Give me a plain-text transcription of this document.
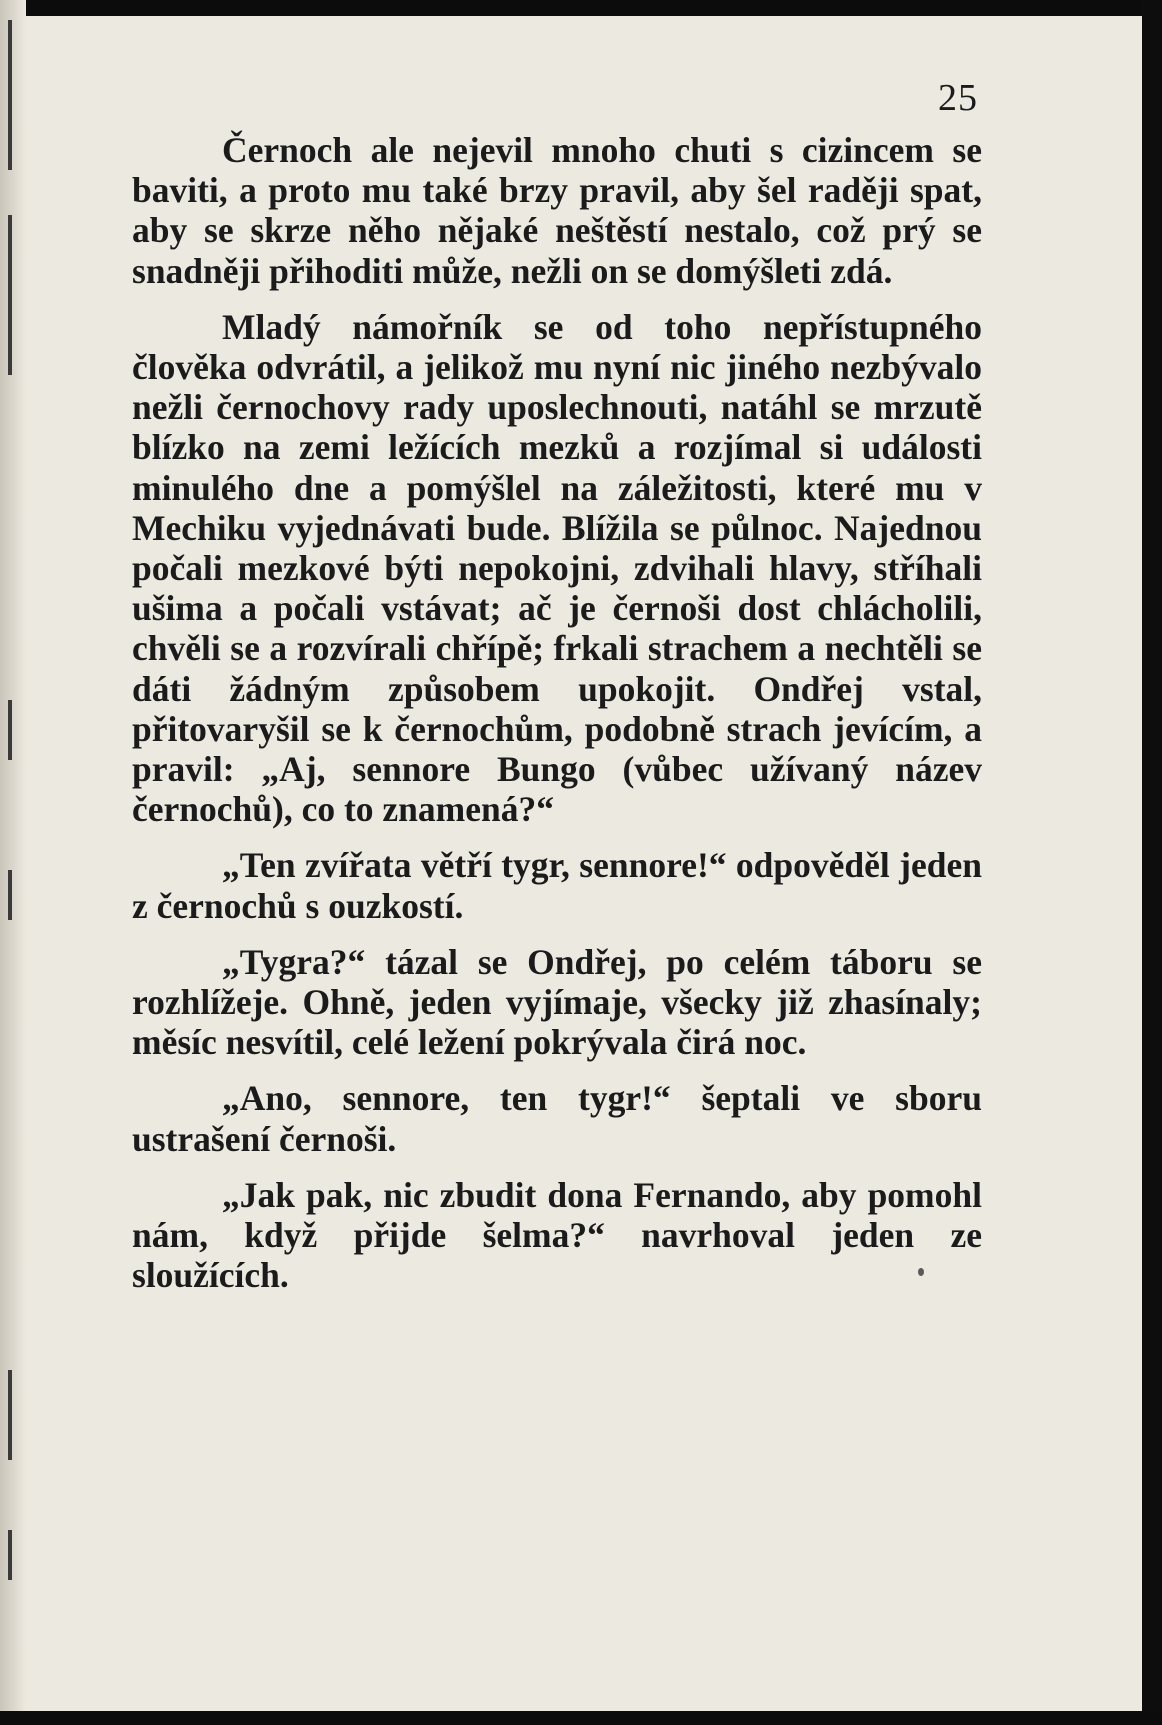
25

Černoch ale nejevil mnoho chuti s cizincem se baviti, a proto mu také brzy pravil, aby šel raději spat, aby se skrze něho nějaké neštěstí nestalo, což prý se snadněji přihoditi může, nežli on se domýšleti zdá.

Mladý námořník se od toho nepřístupného člověka odvrátil, a jelikož mu nyní nic jiného nezbývalo nežli černochovy rady uposlechnouti, natáhl se mrzutě blízko na zemi ležících mezků a rozjímal si události minulého dne a pomýšlel na záležitosti, které mu v Mechiku vyjednávati bude. Blížila se půlnoc. Najednou počali mezkové býti nepokojni, zdvihali hlavy, stříhali ušima a počali vstávat; ač je černoši dost chlácholili, chvěli se a rozvírali chřípě; frkali strachem a nechtěli se dáti žádným způsobem upokojit. Ondřej vstal, přitovaryšil se k černochům, podobně strach jevícím, a pravil: „Aj, sennore Bungo (vůbec užívaný název černochů), co to znamená?“

„Ten zvířata větří tygr, sennore!“ odpověděl jeden z černochů s ouzkostí.

„Tygra?“ tázal se Ondřej, po celém táboru se rozhlížeje. Ohně, jeden vyjímaje, všecky již zhasínaly; měsíc nesvítil, celé ležení pokrývala čirá noc.

„Ano, sennore, ten tygr!“ šeptali ve sboru ustrašení černoši.

„Jak pak, nic zbudit dona Fernando, aby pomohl nám, když přijde šelma?“ navrhoval jeden ze sloužících.
